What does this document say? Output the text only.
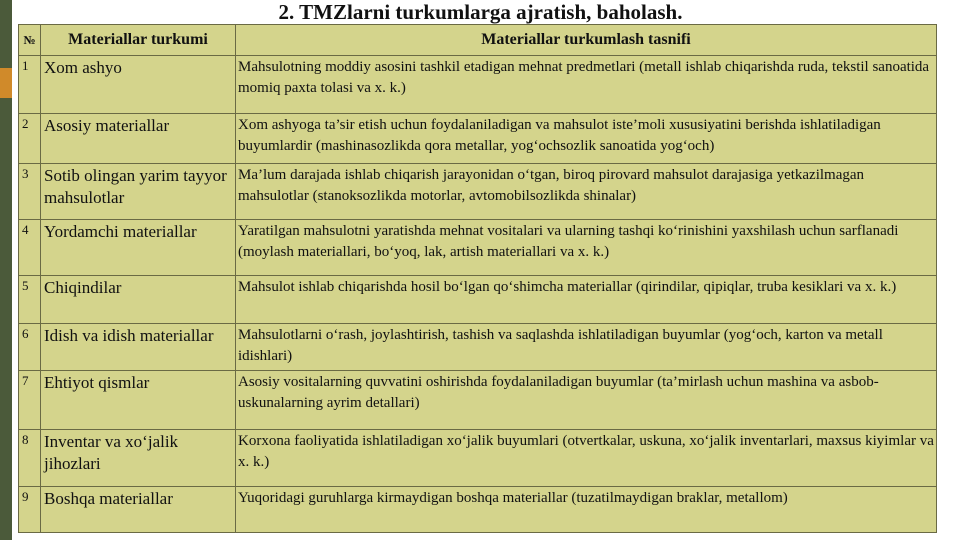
2. TMZlarni turkumlarga ajratish, baholash.
№	Materiallar turkumi	Materiallar turkumlash tasnifi
1	Xom ashyo	Mahsulotning moddiy asosini tashkil etadigan mehnat predmetlari (metall ishlab chiqarishda ruda, tekstil sanoatida momiq paxta tolasi va x. k.)
2	Asosiy materiallar	Xom ashyoga ta’sir etish uchun foydalaniladigan va mahsulot iste’moli xususiyatini berishda ishlatiladigan buyumlardir (mashinasozlikda qora metallar, yog‘ochsozlik sanoatida yog‘och)
3	Sotib olingan yarim tayyor mahsulotlar	Ma’lum darajada ishlab chiqarish jarayonidan o‘tgan, biroq pirovard mahsulot darajasiga yetkazilmagan mahsulotlar (stanoksozlikda motorlar, avtomobilsozlikda shinalar)
4	Yordamchi materiallar	Yaratilgan mahsulotni yaratishda mehnat vositalari va ularning tashqi ko‘rinishini yaxshilash uchun sarflanadi (moylash materiallari, bo‘yoq, lak, artish materiallari va x. k.)
5	Chiqindilar	Mahsulot ishlab chiqarishda hosil bo‘lgan qo‘shimcha materiallar (qirindilar, qipiqlar, truba kesiklari va x. k.)
6	Idish va idish materiallar	Mahsulotlarni o‘rash, joylashtirish, tashish va saqlashda ishlatiladigan buyumlar (yog‘och, karton va metall idishlari)
7	Ehtiyot qismlar	Asosiy vositalarning quvvatini oshirishda foydalaniladigan buyumlar (ta’mirlash uchun mashina va asbob-uskunalarning ayrim detallari)
8	Inventar va xo‘jalik jihozlari	Korxona faoliyatida ishlatiladigan xo‘jalik buyumlari (otvertkalar, uskuna, xo‘jalik inventarlari, maxsus kiyimlar va x. k.)
9	Boshqa materiallar	Yuqoridagi guruhlarga kirmaydigan boshqa materiallar (tuzatilmaydigan braklar, metallom)
